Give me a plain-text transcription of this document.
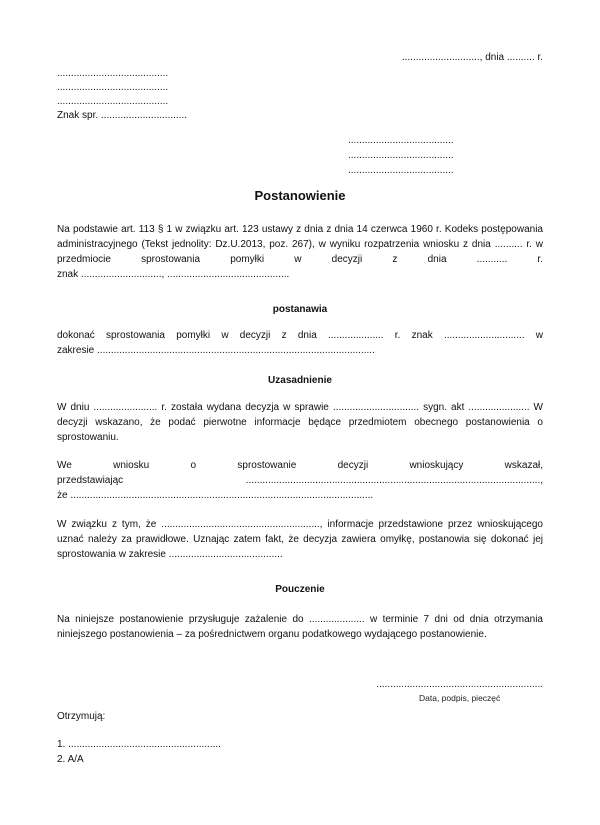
............................, dnia .......... r.
........................................
........................................
........................................
Znak spr. ...............................
......................................
......................................
......................................
Postanowienie
Na podstawie art. 113 § 1 w związku art. 123 ustawy z dnia z dnia 14 czerwca 1960 r. Kodeks postępowania
administracyjnego (Tekst jednolity: Dz.U.2013, poz. 267), w wyniku rozpatrzenia wniosku z dnia .......... r. w
przedmiocie sprostowania pomyłki w decyzji z dnia ........... r.
znak ............................., ............................................
postanawia
dokonać sprostowania pomyłki w decyzji z dnia .................... r. znak ............................. w
zakresie ....................................................................................................
Uzasadnienie
W dniu ....................... r. została wydana decyzja w sprawie ............................... sygn. akt ...................... W
decyzji wskazano, że podać pierwotne informacje będące przedmiotem obecnego postanowienia o
sprostowaniu.
We wniosku o sprostowanie decyzji wnioskujący wskazał,
przedstawiając ..........................................................................................................,
że .............................................................................................................
W związku z tym, że ........................................................., informacje przedstawione przez wnioskującego
uznać należy za prawidłowe. Uznając zatem fakt, że decyzja zawiera omyłkę, postanowia się dokonać jej
sprostowania w zakresie .........................................
Pouczenie
Na niniejsze postanowienie przysługuje zażalenie do .................... w terminie 7 dni od dnia otrzymania
niniejszego postanowienia – za pośrednictwem organu podatkowego wydającego postanowienie.
............................................................
Data, podpis, pieczęć
Otrzymują:
1. .......................................................
2. A/A
